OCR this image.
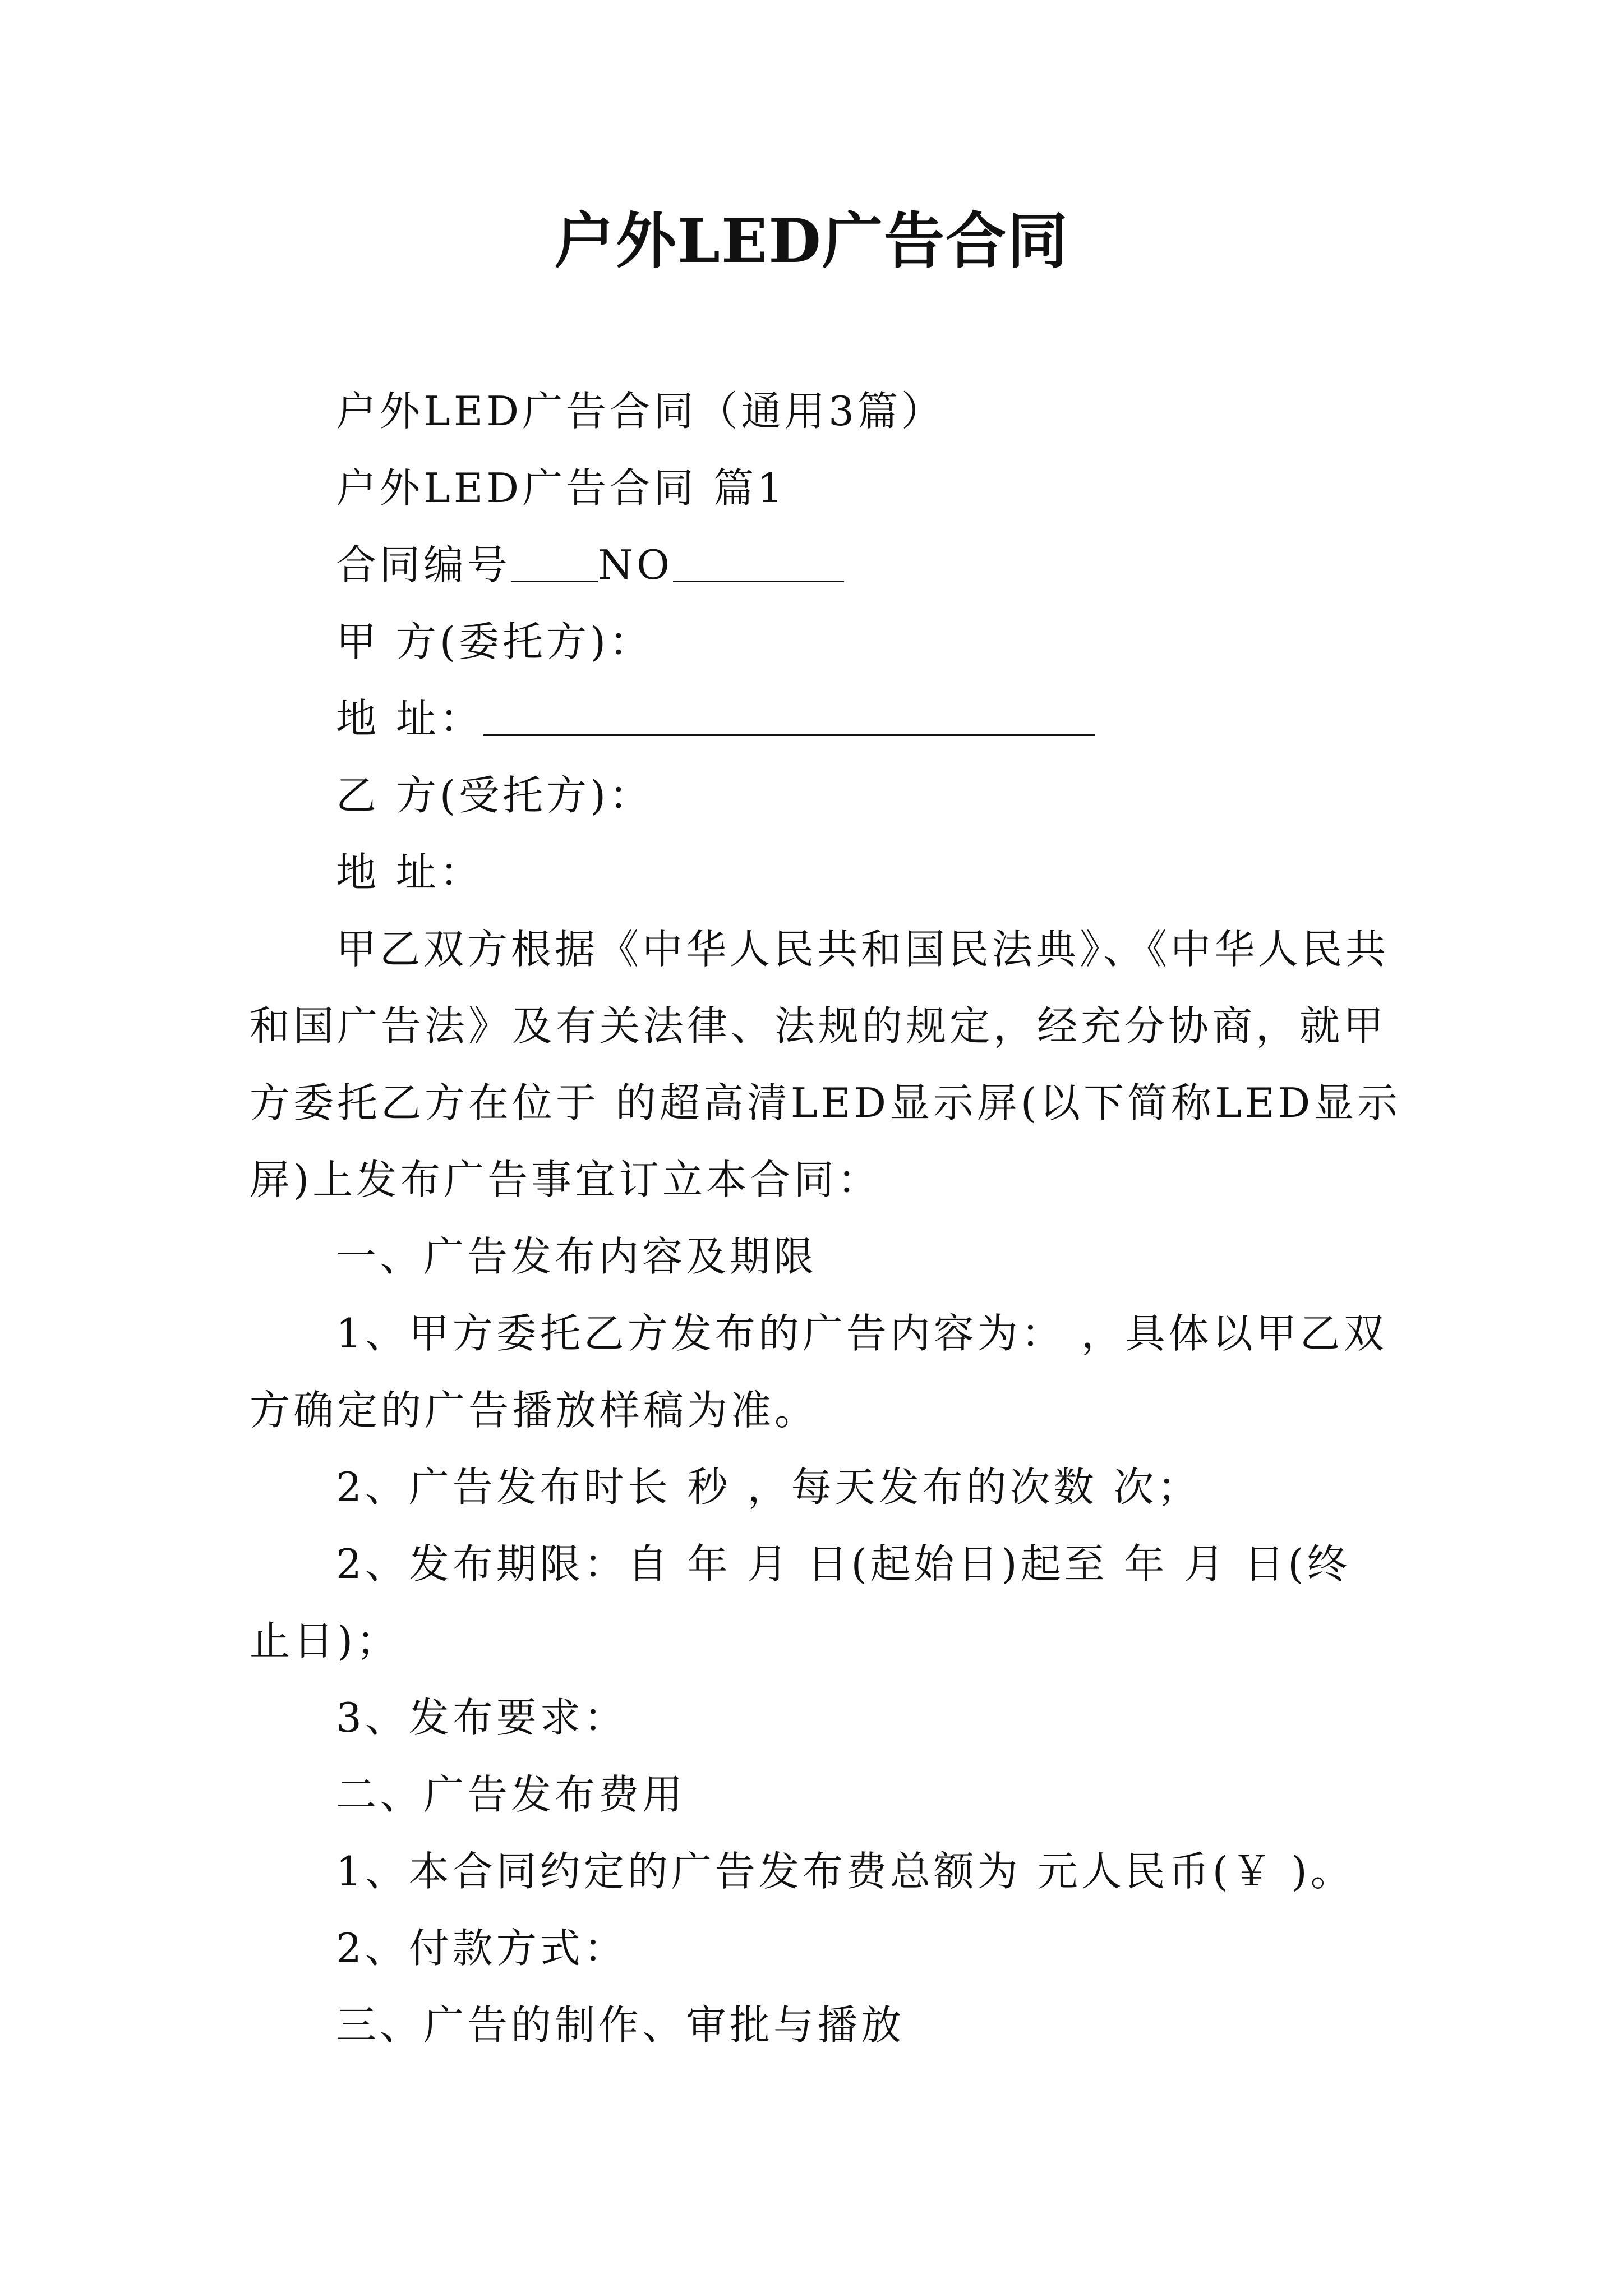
户外LED广告合同
户外LED广告合同（通用3篇）
户外LED广告合同 篇1
合同编号 NO
甲 方(委托方)：
地 址：
乙 方(受托方)：
地 址：
甲乙双方根据《中华人民共和国民法典》、《中华人民共
和国广告法》及有关法律、法规的规定，经充分协商，就甲
方委托乙方在位于 的超高清LED显示屏(以下简称LED显示
屏)上发布广告事宜订立本合同：
一、广告发布内容及期限
1、甲方委托乙方发布的广告内容为： ，具体以甲乙双
方确定的广告播放样稿为准。
2、广告发布时长 秒 ，每天发布的次数 次；
2、发布期限：自 年 月 日(起始日)起至 年 月 日(终
止日)；
3、发布要求：
二、广告发布费用
1、本合同约定的广告发布费总额为 元人民币(￥ )。
2、付款方式：
三、广告的制作、审批与播放
